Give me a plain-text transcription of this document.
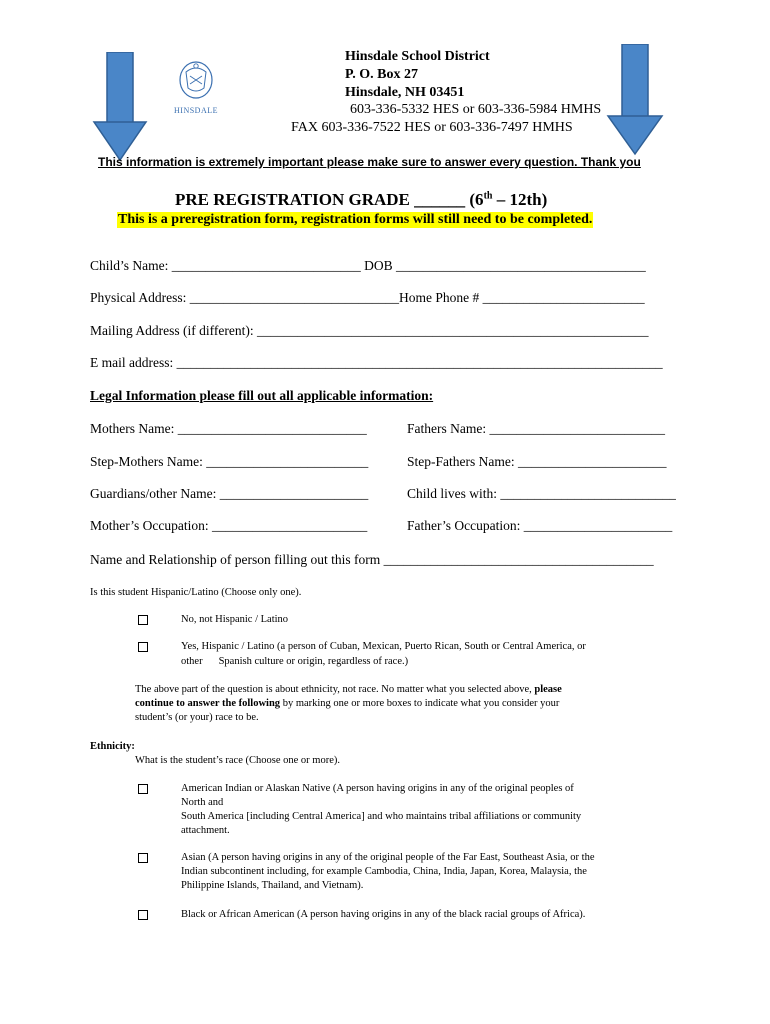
HINSDALE
Hinsdale School District
P. O. Box 27
Hinsdale, NH 03451
603-336-5332 HES or 603-336-5984 HMHS
FAX 603-336-7522 HES or 603-336-7497 HMHS
This information is extremely important please make sure to answer every question. Thank you
PRE REGISTRATION GRADE ______ (6th – 12th)
This is a preregistration form, registration forms will still need to be completed.
Child’s Name: ____________________________ DOB _____________________________________
Physical Address: _______________________________Home Phone # ________________________
Mailing Address (if different): __________________________________________________________
E mail address: ________________________________________________________________________
Legal Information please fill out all applicable information:
Mothers Name: ____________________________	Fathers Name: __________________________
Step-Mothers Name: ________________________	Step-Fathers Name: ______________________
Guardians/other Name: ______________________	Child lives with: __________________________
Mother’s Occupation: _______________________	Father’s Occupation: ______________________
Name and Relationship of person filling out this form ________________________________________
Is this student Hispanic/Latino (Choose only one).
No, not Hispanic / Latino
Yes, Hispanic / Latino (a person of Cuban, Mexican, Puerto Rican, South or Central America, or
other Spanish culture or origin, regardless of race.)
The above part of the question is about ethnicity, not race. No matter what you selected above, please
continue to answer the following by marking one or more boxes to indicate what you consider your
student’s (or your) race to be.
Ethnicity:
What is the student’s race (Choose one or more).
American Indian or Alaskan Native (A person having origins in any of the original peoples of
North and
South America [including Central America] and who maintains tribal affiliations or community
attachment.
Asian (A person having origins in any of the original people of the Far East, Southeast Asia, or the
Indian subcontinent including, for example Cambodia, China, India, Japan, Korea, Malaysia, the
Philippine Islands, Thailand, and Vietnam).
Black or African American (A person having origins in any of the black racial groups of Africa).
